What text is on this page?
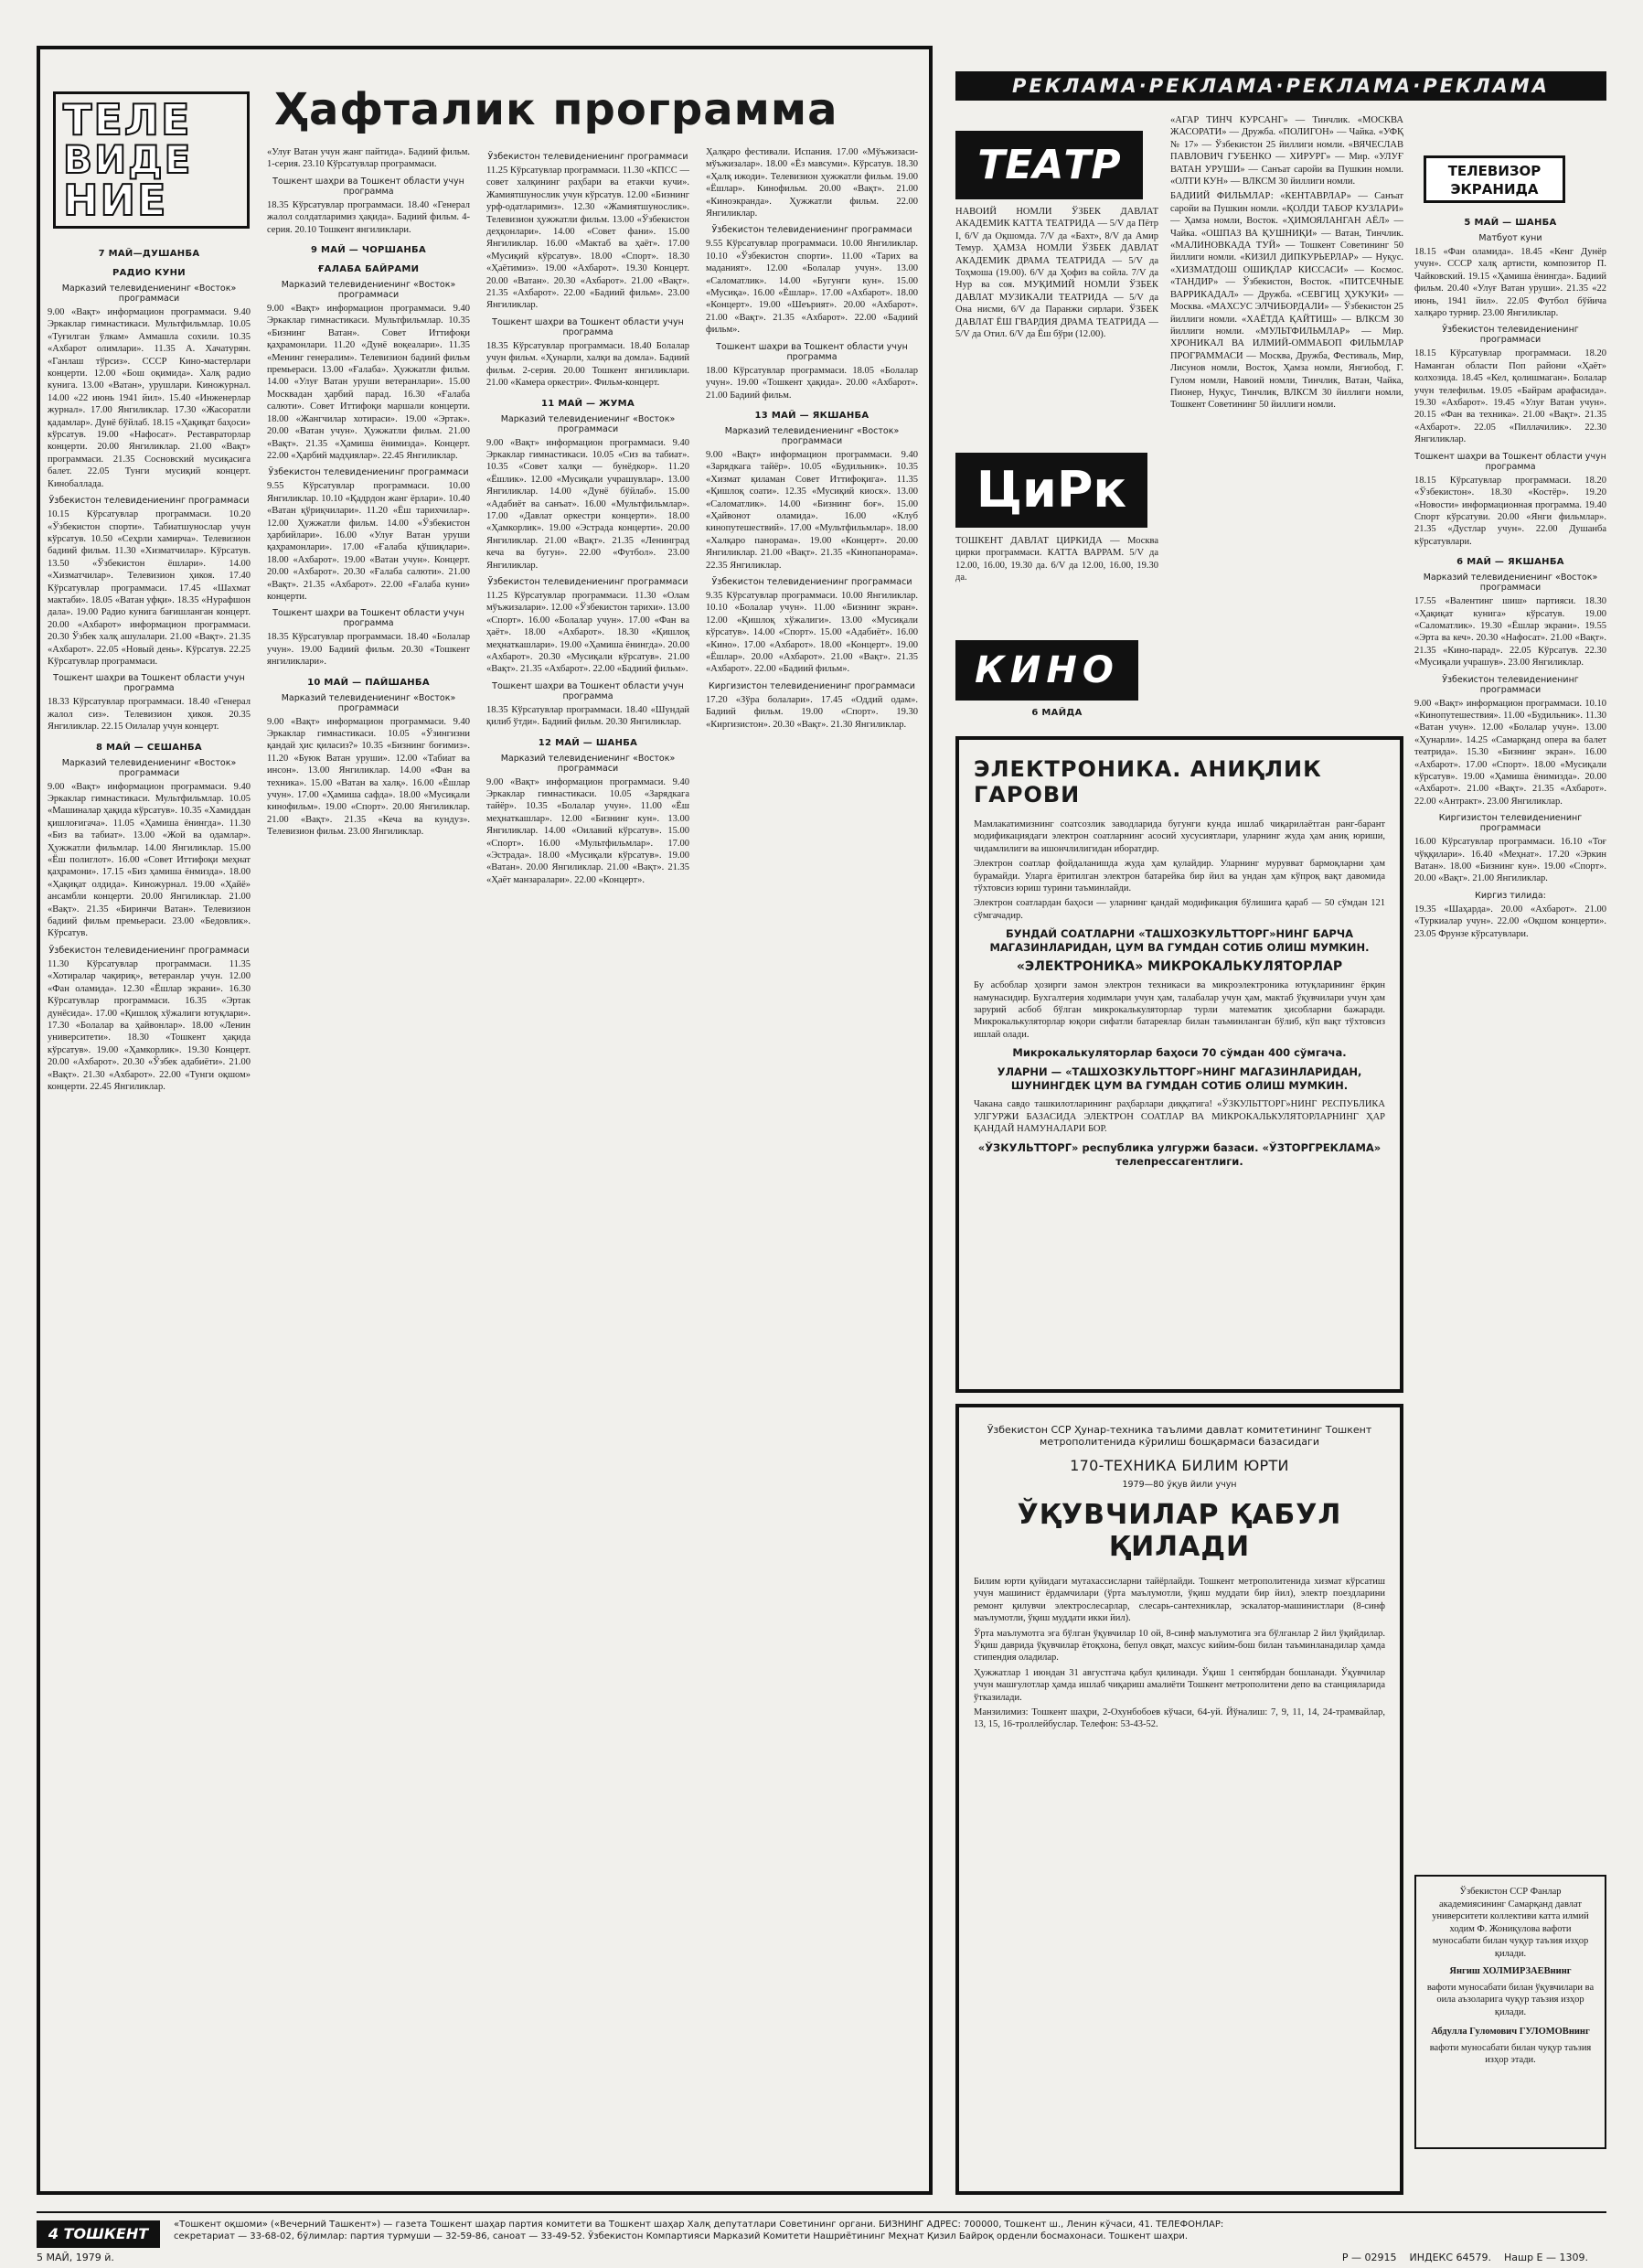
ТЕЛЕ
ВИДЕ
НИЕ
Ҳафталик программа
7 МАЙ—ДУШАНБА
РАДИО КУНИ
Марказий телевидениенинг «Восток» программаси

9.00 «Вақт» информацион программаси. 9.40 Эркаклар гимнастикаси. Мультфильмлар. 10.05 «Туғилган ўлкам» Аммашла сохили. 10.35 «Ахбарот олимлари». 11.35 А. Хачатурян. «Ганлаш тўрсиз». СССР Кино-мастерлари концерти. 12.00 «Бош оқимида». Халқ радио кунига. 13.00 «Ватан», урушлари. Киножурнал. 14.00 «22 июнь 1941 йил». 15.40 «Инженерлар журнал». 17.00 Янгиликлар. 17.30 «Жасоратли қадамлар». Дунё бўйлаб. 18.15 «Ҳақиқат баҳоси» кўрсатув. 19.00 «Нафосат». Реставраторлар концерти. 20.00 Янгиликлар. 21.00 «Вақт» программаси. 21.35 Сосновский мусиқасига балет. 22.05 Тунги мусиқий концерт. Кинобаллада.

Ўзбекистон телевидениенинг программаси

10.15 Кўрсатувлар программаси. 10.20 «Ўзбекистон спорти». Табиатшунослар учун кўрсатув. 10.50 «Сеҳрли хамирча». Телевизион бадиий фильм. 11.30 «Хизматчилар». Кўрсатув. 13.50 «Ўзбекистон ёшлари». 14.00 «Хизматчилар». Телевизион ҳикоя. 17.40 Кўрсатувлар программаси. 17.45 «Шахмат мактаби». 18.05 «Ватан уфқи». 18.35 «Нурафшон дала». 19.00 Радио кунига бағишланган концерт. 20.00 «Ахбарот» информацион программаси. 20.30 Ўзбек халқ ашулалари. 21.00 «Вақт». 21.35 «Ахбарот». 22.05 «Новый день». Кўрсатув. 22.25 Кўрсатувлар программаси.

Тошкент шаҳри ва Тошкент области учун программа

18.33 Кўрсатувлар программаси. 18.40 «Генерал жалол сиз». Телевизион ҳикоя. 20.35 Янгиликлар. 22.15 Оилалар учун концерт.

8 МАЙ — СЕШАНБА
Марказий телевидениенинг «Восток» программаси

9.00 «Вақт» информацион программаси. 9.40 Эркаклар гимнастикаси. Мультфильмлар. 10.05 «Машиналар ҳақида кўрсатув». 10.35 «Хамиддан қишлоғигача». 11.05 «Ҳамиша ёнингда». 11.30 «Биз ва табиат». 13.00 «Жой ва одамлар». Ҳужжатли фильмлар. 14.00 Янгиликлар. 15.00 «Ёш полиглот». 16.00 «Совет Иттифоқи меҳнат қаҳрамони». 17.15 «Биз ҳамиша ёнмизда». 18.00 «Ҳақиқат олдида». Киножурнал. 19.00 «Ҳайё» ансамбли концерти. 20.00 Янгиликлар. 21.00 «Вақт». 21.35 «Биринчи Ватан». Телевизион бадиий фильм премьераси. 23.00 «Бедовлик». Кўрсатув.

Ўзбекистон телевидениенинг программаси

11.30 Кўрсатувлар программаси. 11.35 «Хотиралар чақириқ», ветеранлар учун. 12.00 «Фан оламида». 12.30 «Ёшлар экрани». 16.30 Кўрсатувлар программаси. 16.35 «Эртак дунёсида». 17.00 «Қишлоқ хўжалиги ютуқлари». 17.30 «Болалар ва ҳайвонлар». 18.00 «Ленин университети». 18.30 «Тошкент ҳақида кўрсатув». 19.00 «Ҳамкорлик». 19.30 Концерт. 20.00 «Ахбарот». 20.30 «Ўзбек адабиёти». 21.00 «Вақт». 21.30 «Ахбарот». 22.00 «Тунги оқшом» концерти. 22.45 Янгиликлар.

«Улуғ Ватан учун жанг пайтида». Бадиий фильм. 1-серия. 23.10 Кўрсатувлар программаси.

Тошкент шаҳри ва Тошкент области учун программа

18.35 Кўрсатувлар программаси. 18.40 «Генерал жалол солдатларимиз ҳақида». Бадиий фильм. 4-серия. 20.10 Тошкент янгиликлари.

9 МАЙ — ЧОРШАНБА
ҒАЛАБА БАЙРАМИ
Марказий телевидениенинг «Восток» программаси

9.00 «Вақт» информацион программаси. 9.40 Эркаклар гимнастикаси. Мультфильмлар. 10.35 «Бизнинг Ватан». Совет Иттифоқи қаҳрамонлари. 11.20 «Дунё воқеалари». 11.35 «Менинг генералим». Телевизион бадиий фильм премьераси. 13.00 «Ғалаба». Ҳужжатли фильм. 14.00 «Улуғ Ватан уруши ветеранлари». 15.00 Москвадан ҳарбий парад. 16.30 «Ғалаба салюти». Совет Иттифоқи маршали концерти. 18.00 «Жангчилар хотираси». 19.00 «Эртак». 20.00 «Ватан учун». Ҳужжатли фильм. 21.00 «Вақт». 21.35 «Ҳамиша ёнимизда». Концерт. 22.00 «Ҳарбий мадҳиялар». 22.45 Янгиликлар.

Ўзбекистон телевидениенинг программаси

9.55 Кўрсатувлар программаси. 10.00 Янгиликлар. 10.10 «Қадрдон жанг ёрлари». 10.40 «Ватан қўриқчилари». 11.20 «Ёш тарихчилар». 12.00 Ҳужжатли фильм. 14.00 «Ўзбекистон ҳарбийлари». 16.00 «Улуғ Ватан уруши қаҳрамонлари». 17.00 «Ғалаба қўшиқлари». 18.00 «Ахбарот». 19.00 «Ватан учун». Концерт. 20.00 «Ахбарот». 20.30 «Ғалаба салюти». 21.00 «Вақт». 21.35 «Ахбарот». 22.00 «Ғалаба куни» концерти.

Тошкент шаҳри ва Тошкент области учун программа

18.35 Кўрсатувлар программаси. 18.40 «Болалар учун». 19.00 Бадиий фильм. 20.30 «Тошкент янгиликлари».

10 МАЙ — ПАЙШАНБА
Марказий телевидениенинг «Восток» программаси

9.00 «Вақт» информацион программаси. 9.40 Эркаклар гимнастикаси. 10.05 «Ўзингизни қандай ҳис қиласиз?» 10.35 «Бизнинг боғимиз». 11.20 «Буюк Ватан уруши». 12.00 «Табиат ва инсон». 13.00 Янгиликлар. 14.00 «Фан ва техника». 15.00 «Ватан ва халқ». 16.00 «Ёшлар учун». 17.00 «Ҳамиша сафда». 18.00 «Мусиқали кинофильм». 19.00 «Спорт». 20.00 Янгиликлар. 21.00 «Вақт». 21.35 «Кеча ва кундуз». Телевизион фильм. 23.00 Янгиликлар.

Ўзбекистон телевидениенинг программаси

11.25 Кўрсатувлар программаси. 11.30 «КПСС — совет халқининг раҳбари ва етакчи кучи». Жамиятшунослик учун кўрсатув. 12.00 «Бизнинг урф-одатларимиз». 12.30 «Жамиятшунослик». Телевизион ҳужжатли фильм. 13.00 «Ўзбекистон деҳқонлари». 14.00 «Совет фани». 15.00 Янгиликлар. 16.00 «Мактаб ва ҳаёт». 17.00 «Мусиқий кўрсатув». 18.00 «Спорт». 18.30 «Ҳаётимиз». 19.00 «Ахбарот». 19.30 Концерт. 20.00 «Ватан». 20.30 «Ахбарот». 21.00 «Вақт». 21.35 «Ахбарот». 22.00 «Бадиий фильм». 23.00 Янгиликлар.

Тошкент шаҳри ва Тошкент области учун программа

18.35 Кўрсатувлар программаси. 18.40 Болалар учун фильм. «Ҳунарли, халқи ва домла». Бадиий фильм. 2-серия. 20.00 Тошкент янгиликлари. 21.00 «Камера оркестри». Фильм-концерт.

11 МАЙ — ЖУМА
Марказий телевидениенинг «Восток» программаси

9.00 «Вақт» информацион программаси. 9.40 Эркаклар гимнастикаси. 10.05 «Сиз ва табиат». 10.35 «Совет халқи — бунёдкор». 11.20 «Ёшлик». 12.00 «Мусиқали учрашувлар». 13.00 Янгиликлар. 14.00 «Дунё бўйлаб». 15.00 «Адабиёт ва санъат». 16.00 «Мультфильмлар». 17.00 «Давлат оркестри концерти». 18.00 «Ҳамкорлик». 19.00 «Эстрада концерти». 20.00 Янгиликлар. 21.00 «Вақт». 21.35 «Ленинград кеча ва бугун». 22.00 «Футбол». 23.00 Янгиликлар.

Ўзбекистон телевидениенинг программаси

11.25 Кўрсатувлар программаси. 11.30 «Олам мўъжизалари». 12.00 «Ўзбекистон тарихи». 13.00 «Спорт». 16.00 «Болалар учун». 17.00 «Фан ва ҳаёт». 18.00 «Ахбарот». 18.30 «Қишлоқ меҳнаткашлари». 19.00 «Ҳамиша ёнингда». 20.00 «Ахбарот». 20.30 «Мусиқали кўрсатув». 21.00 «Вақт». 21.35 «Ахбарот». 22.00 «Бадиий фильм».

Тошкент шаҳри ва Тошкент области учун программа

18.35 Кўрсатувлар программаси. 18.40 «Шундай қилиб ўтди». Бадиий фильм. 20.30 Янгиликлар.

12 МАЙ — ШАНБА
Марказий телевидениенинг «Восток» программаси

9.00 «Вақт» информацион программаси. 9.40 Эркаклар гимнастикаси. 10.05 «Зарядкага тайёр». 10.35 «Болалар учун». 11.00 «Ёш меҳнаткашлар». 12.00 «Бизнинг кун». 13.00 Янгиликлар. 14.00 «Оилавий кўрсатув». 15.00 «Спорт». 16.00 «Мультфильмлар». 17.00 «Эстрада». 18.00 «Мусиқали кўрсатув». 19.00 «Ватан». 20.00 Янгиликлар. 21.00 «Вақт». 21.35 «Ҳаёт манзаралари». 22.00 «Концерт».

Ҳалқаро фестивали. Испания. 17.00 «Мўъжизаси-мўъжизалар». 18.00 «Ёз мавсуми». Кўрсатув. 18.30 «Ҳалқ ижоди». Телевизион ҳужжатли фильм. 19.00 «Ёшлар». Кинофильм. 20.00 «Вақт». 21.00 «Киноэкранда». Ҳужжатли фильм. 22.00 Янгиликлар.

Ўзбекистон телевидениенинг программаси

9.55 Кўрсатувлар программаси. 10.00 Янгиликлар. 10.10 «Ўзбекистон спорти». 11.00 «Тарих ва маданият». 12.00 «Болалар учун». 13.00 «Саломатлик». 14.00 «Бугунги кун». 15.00 «Мусиқа». 16.00 «Ёшлар». 17.00 «Ахбарот». 18.00 «Концерт». 19.00 «Шеърият». 20.00 «Ахбарот». 21.00 «Вақт». 21.35 «Ахбарот». 22.00 «Бадиий фильм».

Тошкент шаҳри ва Тошкент области учун программа

18.00 Кўрсатувлар программаси. 18.05 «Болалар учун». 19.00 «Тошкент ҳақида». 20.00 «Ахбарот». 21.00 Бадиий фильм.

13 МАЙ — ЯКШАНБА
Марказий телевидениенинг «Восток» программаси

9.00 «Вақт» информацион программаси. 9.40 «Зарядкага тайёр». 10.05 «Будильник». 10.35 «Хизмат қиламан Совет Иттифоқига». 11.35 «Қишлоқ соати». 12.35 «Мусиқий киоск». 13.00 «Саломатлик». 14.00 «Бизнинг боғ». 15.00 «Ҳайвонот оламида». 16.00 «Клуб кинопутешествий». 17.00 «Мультфильмлар». 18.00 «Халқаро панорама». 19.00 «Концерт». 20.00 Янгиликлар. 21.00 «Вақт». 21.35 «Кинопанорама». 22.35 Янгиликлар.

Ўзбекистон телевидениенинг программаси

9.35 Кўрсатувлар программаси. 10.00 Янгиликлар. 10.10 «Болалар учун». 11.00 «Бизнинг экран». 12.00 «Қишлоқ хўжалиги». 13.00 «Мусиқали кўрсатув». 14.00 «Спорт». 15.00 «Адабиёт». 16.00 «Кино». 17.00 «Ахбарот». 18.00 «Концерт». 19.00 «Ёшлар». 20.00 «Ахбарот». 21.00 «Вақт». 21.35 «Ахбарот». 22.00 «Бадиий фильм».

Киргизистон телевидениенинг программаси

17.20 «Зўра болалари». 17.45 «Оддий одам». Бадиий фильм. 19.00 «Спорт». 19.30 «Киргизистон». 20.30 «Вақт». 21.30 Янгиликлар.

РЕКЛАМА·РЕКЛАМА·РЕКЛАМА·РЕКЛАМА
ТЕАТР

НАВОИЙ НОМЛИ ЎЗБЕК ДАВЛАТ АКАДЕМИК КАТТА ТЕАТРИДА — 5/V да Пётр I, 6/V да Оқшомда. 7/V да «Бахт», 8/V да Амир Темур. ҲАМЗА НОМЛИ ЎЗБЕК ДАВЛАТ АКАДЕМИК ДРАМА ТЕАТРИДА — 5/V да Тоҳмоша (19.00). 6/V да Ҳофиз ва сойла. 7/V да Нур ва соя. МУҚИМИЙ НОМЛИ ЎЗБЕК ДАВЛАТ МУЗИКАЛИ ТЕАТРИДА — 5/V да Она нисми, 6/V да Паранжи сирлари. ЎЗБЕК ДАВЛАТ ЁШ ГВАРДИЯ ДРАМА ТЕАТРИДА — 5/V да Отил. 6/V да Ёш бўри (12.00).

«АГАР ТИНЧ КУРСАНГ» — Тинчлик. «МОСКВА ЖАСОРАТИ» — Дружба. «ПОЛИГОН» — Чайка. «УФҚ № 17» — Ўзбекистон 25 йиллиги номли. «ВЯЧЕСЛАВ ПАВЛОВИЧ ГУБЕНКО — ХИРУРГ» — Мир. «УЛУҒ ВАТАН УРУШИ» — Санъат саройи ва Пушкин номли. «ОЛТИ КУН» — ВЛКСМ 30 йиллиги номли.

БАДИИЙ ФИЛЬМЛАР: «КЕНТАВРЛАР» — Санъат саройи ва Пушкин номли. «ҚОЛДИ ТАБОР КУЗЛАРИ» — Ҳамза номли, Восток. «ҲИМОЯЛАНГАН АЁЛ» — Чайка. «ОШПАЗ ВА ҚУШНИҚИ» — Ватан, Тинчлик. «МАЛИНОВКАДА ТУЙ» — Тошкент Советининг 50 йиллиги номли. «КИЗИЛ ДИПКУРЬЕРЛАР» — Нуқус. «ХИЗМАТДОШ ОШИҚЛАР КИССАСИ» — Космос. «ТАНДИР» — Ўзбекистон, Восток. «ПИТСЕЧНЫЕ ВАРРИКАДАЛ» — Дружба. «СЕВГИЦ ҲУКУКИ» — Москва. «МАХСУС ЭЛЧИБОРДАЛИ» — Ўзбекистон 25 йиллиги номли. «ХАЁТДА ҚАЙТИШ» — ВЛКСМ 30 йиллиги номли. «МУЛЬТФИЛЬМЛАР» — Мир. ХРОНИКАЛ ВА ИЛМИЙ-ОММАБОП ФИЛЬМЛАР ПРОГРАММАСИ — Москва, Дружба, Фестиваль, Мир, Лисунов номли, Восток, Ҳамза номли, Янгиобод, Г. Гулом номли, Навоий номли, Тинчлик, Ватан, Чайка, Пионер, Нуқус, Тинчлик, ВЛКСМ 30 йиллиги номли, Тошкент Советининг 50 йиллиги номли.

ЦиРк

ТОШКЕНТ ДАВЛАТ ЦИРКИДА — Москва цирки программаси. КАТТА ВАРРАМ. 5/V да 12.00, 16.00, 19.30 да. 6/V да 12.00, 16.00, 19.30 да.

КИНО
6 МАЙДА
ЭЛЕКТРОНИКА. АНИҚЛИК ГАРОВИ

Мамлакатимизнинг соатсозлик заводларида бугунги кунда ишлаб чиқарилаётган ранг-барант модификациядаги электрон соатларнинг асосий хусусиятлари, уларнинг жуда ҳам аниқ юриши, чидамлилиги ва ишончлилигидан иборатдир.

Электрон соатлар фойдаланишда жуда ҳам қулайдир. Уларнинг мурувват бармоқларни ҳам бурамайди. Уларга ёритилган электрон батарейка бир йил ва ундан ҳам кўпроқ вақт давомида тўхтовсиз юриш турини таъминлайди.

Электрон соатлардан баҳоси — уларнинг қандай модификация бўлишига қараб — 50 сўмдан 121 сўмгачадир.

БУНДАЙ СОАТЛАРНИ «ТАШХОЗКУЛЬТТОРГ»НИНГ БАРЧА МАГАЗИНЛАРИДАН, ЦУМ ВА ГУМДАН СОТИБ ОЛИШ МУМКИН.
«ЭЛЕКТРОНИКА» МИКРОКАЛЬКУЛЯТОРЛАР

Бу асбоблар ҳозирги замон электрон техникаси ва микроэлектроника ютуқларининг ёрқин намунасидир. Бухгалтерия ходимлари учун ҳам, талабалар учун ҳам, мактаб ўқувчилари учун ҳам зарурий асбоб бўлган микрокалькуляторлар турли математик ҳисобларни бажаради. Микрокалькуляторлар юқори сифатли батареялар билан таъминланган бўлиб, кўп вақт тўхтовсиз ишлай олади.

Микрокалькуляторлар баҳоси 70 сўмдан 400 сўмгача.
УЛАРНИ — «ТАШХОЗКУЛЬТТОРГ»НИНГ МАГАЗИНЛАРИДАН, ШУНИНГДЕК ЦУМ ВА ГУМДАН СОТИБ ОЛИШ МУМКИН.

Чакана савдо ташкилотларининг раҳбарлари диққатига! «ЎЗКУЛЬТТОРГ»НИНГ РЕСПУБЛИКА УЛГУРЖИ БАЗАСИДА ЭЛЕКТРОН СОАТЛАР ВА МИКРОКАЛЬКУЛЯТОРЛАРНИНГ ҲАР ҚАНДАЙ НАМУНАЛАРИ БОР.

«ЎЗКУЛЬТТОРГ» республика улгуржи базаси. «ЎЗТОРГРЕКЛАМА» телепрессагентлиги.
Ўзбекистон ССР Ҳунар-техника таълими давлат комитетининг Тошкент метрополитенида кўрилиш бошқармаси базасидаги
170-ТЕХНИКА БИЛИМ ЮРТИ
1979—80 ўқув йили учун
ЎҚУВЧИЛАР ҚАБУЛ ҚИЛАДИ

Билим юрти қуйидаги мутахассисларни тайёрлайди. Тошкент метрополитенида хизмат кўрсатиш учун машинист ёрдамчилари (ўрта маълумотли, ўқиш муддати бир йил), электр поездларини ремонт қилувчи электрослесарлар, слесарь-сантехниклар, эскалатор-машинистлари (8-синф маълумотли, ўқиш муддати икки йил).

Ўрта маълумотга эга бўлган ўқувчилар 10 ой, 8-синф маълумотига эга бўлганлар 2 йил ўқийдилар. Ўқиш даврида ўқувчилар ётоқхона, бепул овқат, махсус кийим-бош билан таъминланадилар ҳамда стипендия оладилар.

Ҳужжатлар 1 июндан 31 августгача қабул қилинади. Ўқиш 1 сентябрдан бошланади. Ўқувчилар учун машғулотлар ҳамда ишлаб чиқариш амалиёти Тошкент метрополитени депо ва станцияларида ўтказилади.

Манзилимиз: Тошкент шаҳри, 2-Охунбобоев кўчаси, 64-уй. Йўналиш: 7, 9, 11, 14, 24-трамвайлар, 13, 15, 16-троллейбуслар. Телефон: 53-43-52.

ТЕЛЕВИЗОР ЭКРАНИДА
5 МАЙ — ШАНБА
Матбуот куни

18.15 «Фан оламида». 18.45 «Кенг Дунёр учун». СССР халқ артисти, композитор П. Чайковский. 19.15 «Ҳамиша ёнингда». Бадиий фильм. 20.40 «Улуғ Ватан уруши». 21.35 «22 июнь, 1941 йил». 22.05 Футбол бўйича халқаро турнир. 23.00 Янгиликлар.

Ўзбекистон телевидениенинг программаси

18.15 Кўрсатувлар программаси. 18.20 Наманган области Поп райони «Ҳаёт» колхозида. 18.45 «Кел, қолишмаган». Болалар учун телефильм. 19.05 «Байрам арафасида». 19.30 «Ахбарот». 19.45 «Улуғ Ватан учун». 20.15 «Фан ва техника». 21.00 «Вақт». 21.35 «Ахбарот». 22.05 «Пиллачилик». 22.30 Янгиликлар.

Тошкент шаҳри ва Тошкент области учун программа

18.15 Кўрсатувлар программаси. 18.20 «Ўзбекистон». 18.30 «Костёр». 19.20 «Новости» информационная программа. 19.40 Спорт кўрсатуви. 20.00 «Янги фильмлар». 21.35 «Дустлар учун». 22.00 Душанба кўрсатувлари.

6 МАЙ — ЯКШАНБА
Марказий телевидениенинг «Восток» программаси

17.55 «Валентинг шиш» партияси. 18.30 «Ҳақиқат кунига» кўрсатув. 19.00 «Саломатлик». 19.30 «Ёшлар экрани». 19.55 «Эрта ва кеч». 20.30 «Нафосат». 21.00 «Вақт». 21.35 «Кино-парад». 22.05 Кўрсатув. 22.30 «Мусиқали учрашув». 23.00 Янгиликлар.

Ўзбекистон телевидениенинг программаси

9.00 «Вақт» информацион программаси. 10.10 «Кинопутешествия». 11.00 «Будильник». 11.30 «Ватан учун». 12.00 «Болалар учун». 13.00 «Ҳунарли». 14.25 «Самарқанд опера ва балет театрида». 15.30 «Бизнинг экран». 16.00 «Ахбарот». 17.00 «Спорт». 18.00 «Мусиқали кўрсатув». 19.00 «Ҳамиша ёнимизда». 20.00 «Ахбарот». 21.00 «Вақт». 21.35 «Ахбарот». 22.00 «Антракт». 23.00 Янгиликлар.

Киргизистон телевидениенинг программаси

16.00 Кўрсатувлар программаси. 16.10 «Тоғ чўққилари». 16.40 «Меҳнат». 17.20 «Эркин Ватан». 18.00 «Бизнинг кун». 19.00 «Спорт». 20.00 «Вақт». 21.00 Янгиликлар.

Киргиз тилида:

19.35 «Шаҳарда». 20.00 «Ахбарот». 21.00 «Туркиалар учун». 22.00 «Оқшом концерти». 23.05 Фрунзе кўрсатувлари.

Ўзбекистон ССР Фанлар академиясининг Самарқанд давлат университети коллективи катта илмий ходим Ф. Жониқулова вафоти муносабати билан чуқур таъзия изҳор қилади.

Янгиш ХОЛМИРЗАЕВнинг

вафоти муносабати билан ўқувчилари ва оила аъзоларига чуқур таъзия изҳор қилади.

Абдулла Гуломович ГУЛОМОВнинг

вафоти муносабати билан чуқур таъзия изҳор этади.

4 ТОШКЕНТ
«Тошкент оқшоми» («Вечерний Ташкент») — газета Тошкент шаҳар партия комитети ва Тошкент шаҳар Халқ депутатлари Советининг органи. БИЗНИНГ АДРЕС: 700000, Тошкент ш., Ленин кўчаси, 41. ТЕЛЕФОНЛАР: секретариат — 33-68-02, бўлимлар: партия турмуши — 32-59-86, саноат — 33-49-52. Ўзбекистон Компартияси Марказий Комитети Нашриётининг Меҳнат Қизил Байроқ орденли босмахонаси. Тошкент шаҳри.
Р — 02915 ИНДЕКС 64579. Нашр Е — 1309.
5 МАЙ, 1979 й.
